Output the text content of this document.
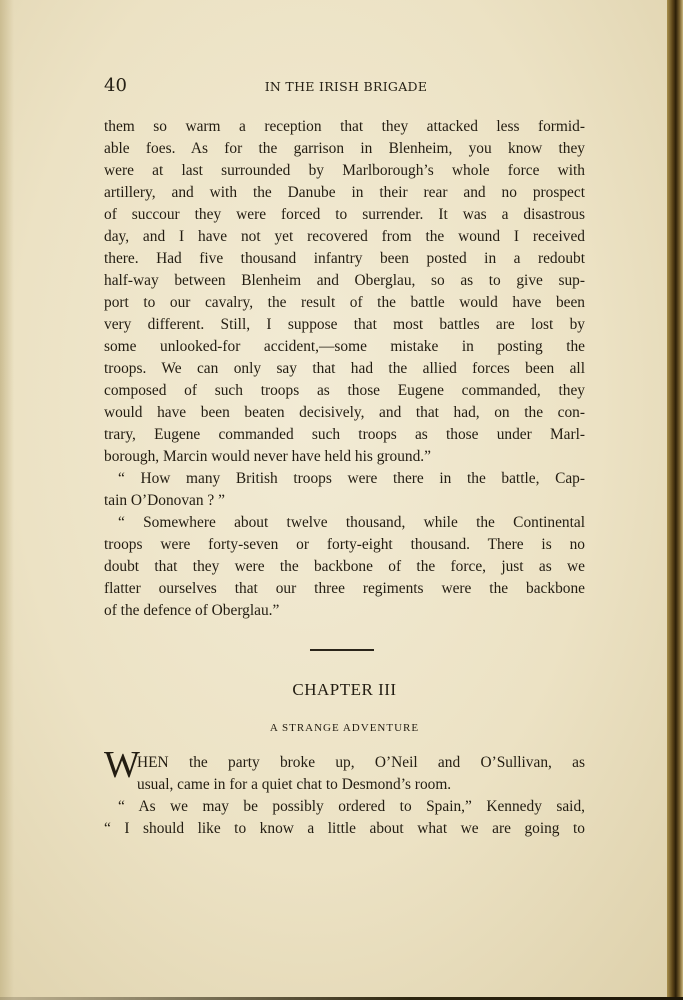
40	IN THE IRISH BRIGADE
them so warm a reception that they attacked less formid-
able foes. As for the garrison in Blenheim, you know they
were at last surrounded by Marlborough’s whole force with
artillery, and with the Danube in their rear and no prospect
of succour they were forced to surrender. It was a disastrous
day, and I have not yet recovered from the wound I received
there. Had five thousand infantry been posted in a redoubt
half-way between Blenheim and Oberglau, so as to give sup-
port to our cavalry, the result of the battle would have been
very different. Still, I suppose that most battles are lost by
some unlooked-for accident,—some mistake in posting the
troops. We can only say that had the allied forces been all
composed of such troops as those Eugene commanded, they
would have been beaten decisively, and that had, on the con-
trary, Eugene commanded such troops as those under Marl-
borough, Marcin would never have held his ground.”
“ How many British troops were there in the battle, Cap-
tain O’Donovan ? ”
“ Somewhere about twelve thousand, while the Continental
troops were forty-seven or forty-eight thousand. There is no
doubt that they were the backbone of the force, just as we
flatter ourselves that our three regiments were the backbone
of the defence of Oberglau.”
CHAPTER III
A STRANGE ADVENTURE
W
HEN the party broke up, O’Neil and O’Sullivan, as
usual, came in for a quiet chat to Desmond’s room.
“ As we may be possibly ordered to Spain,” Kennedy said,
“ I should like to know a little about what we are going to
